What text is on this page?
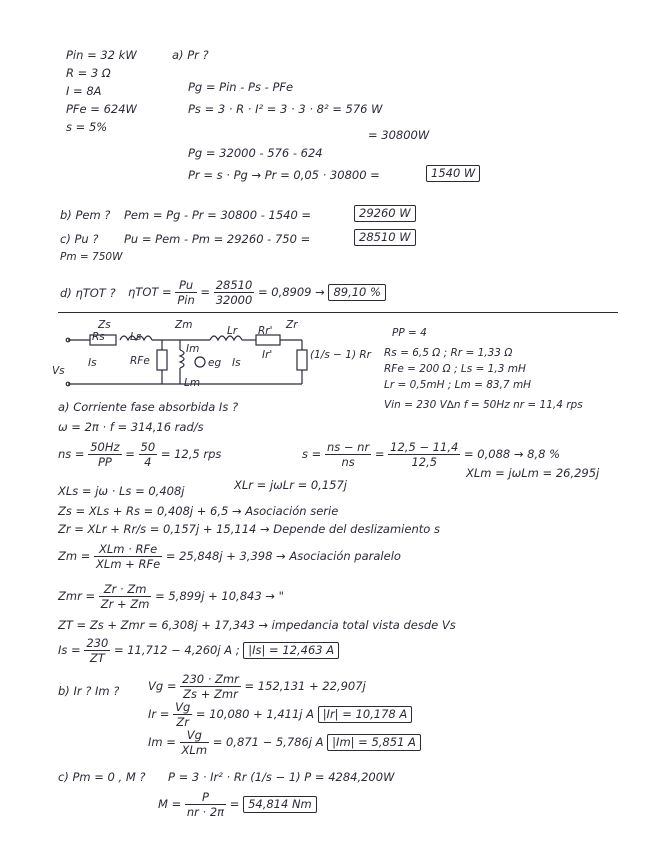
Pin = 32 kW
R = 3 Ω
I = 8A
PFe = 624W
s = 5%
a) Pr ?
Pg = Pin - Ps - PFe
Ps = 3 · R · I² = 3 · 3 · 8² = 576 W
= 30800W
Pg = 32000 - 576 - 624
Pr = s · Pg → Pr = 0,05 · 30800 =	1540 W
b) Pem ? Pem = Pg - Pr = 30800 - 1540 =	29260 W
c) Pu ? Pu = Pem - Pm = 29260 - 750 =	28510 W
Pm = 750W
d) ηTOT ? $\eta TOT = \frac{Pu}{\text{Pin}} = \frac{28510}{32000} = 0,8909 \to 89,10$ %
Zs	Zm	Lr Rr' Zr
Rs Ls
Vs
Is	RFe
Im
eg Is
Ir'	(1/s − 1) Rr
Lm
PP = 4
Rs = 6,5 Ω ; Rr = 1,33 Ω
RFe = 200 Ω ; Ls = 1,3 mH
Lr = 0,5mH ; Lm = 83,7 mH
Vin = 230 V∆n f = 50Hz nr = 11,4 rps
a) Corriente fase absorbida Is ?
ω = 2π · f = 314,16 rad/s
ns = $\frac{50Hz}{PP} = \frac{50}{4} = 12,5$ rps	$s = \frac{ns - nr}{ns} = \frac{12,5 - 11,4}{12,5} = 0,088 \to 8,8$ %
XLs = jω · Ls = 0,408j	XLr = jωLr = 0,157j
XLm = jωLm = 26,295j
Zs = XLs + Rs = 0,408j + 6,5 → Asociación serie
Zr = XLr + Rr/s = 0,157j + 15,114 → Depende del deslizamiento s
$Zm = \frac{\text{XLm · RFe}}{\text{XLm + RFe}} = 25,848j + 3,398$ → Asociación paralelo
Zmr = $\frac{Zr \cdot Zm}{Zr + Zm} = 5,899j + 10,843$ → "
ZT = Zs + Zmr = 6,308j + 17,343 → impedancia total vista desde Vs
$Is = \frac{230}{ZT} = 11,712 - 4,260j$ A ; |Is| = 12,463 A
b) Ir ? Im ? $Vg = \frac{\text{230 · Zmr}}{\text{Zs + Zmr}} = 152,131 + 22,907j$
$Ir = \frac{Vg}{Zr} = 10,080 + 1,411j$ A |Ir| = 10,178 A
$Im = \frac{Vg}{\text{XLm}} = 0,871 - 5,786j$ A |Im| = 5,851 A
c) Pm = 0 , M ? P = 3 · Ir² · Rr (1/s − 1) P = 4284,200W
$M = \frac{P}{nr \cdot 2\pi} = 54,814$ Nm
